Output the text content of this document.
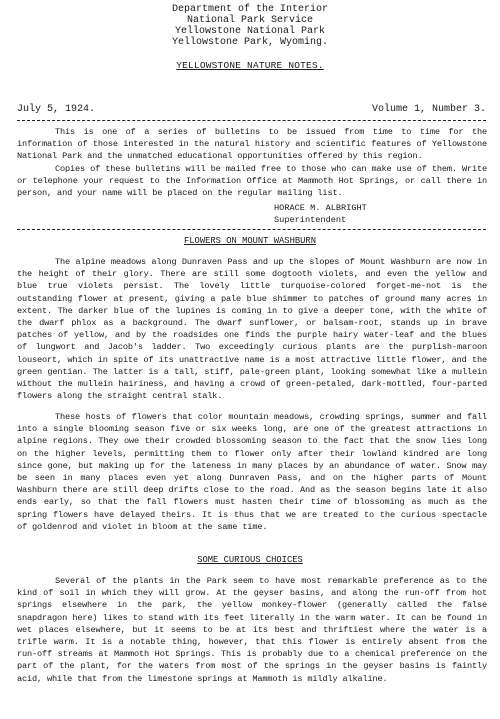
Department of the Interior
National Park Service
Yellowstone National Park
Yellowstone Park, Wyoming.
YELLOWSTONE NATURE NOTES.
July 5, 1924.	Volume 1, Number 3.

This is one of a series of bulletins to be issued from time to time for the information of those interested in the natural history and scientific features of Yellowstone National Park and the unmatched educational opportunities offered by this region.

Copies of these bulletins will be mailed free to those who can make use of them. Write or telephone your request to the Information Office at Mammoth Hot Springs, or call there in person, and your name will be placed on the regular mailing list.

HORACE M. ALBRIGHT
Superintendent
FLOWERS ON MOUNT WASHBURN

The alpine meadows along Dunraven Pass and up the slopes of Mount Washburn are now in the height of their glory. There are still some dogtooth violets, and even the yellow and blue true violets persist. The lovely little turquoise-colored forget-me-not is the outstanding flower at present, giving a pale blue shimmer to patches of ground many acres in extent. The darker blue of the lupines is coming in to give a deeper tone, with the white of the dwarf phlox as a background. The dwarf sunflower, or balsam-root, stands up in brave patches of yellow, and by the roadsides one finds the purple hairy water-leaf and the blues of lungwort and Jacob's ladder. Two exceedingly curious plants are the purplish-maroon louseort, which in spite of its unattractive name is a most attractive little flower, and the green gentian. The latter is a tall, stiff, pale-green plant, looking somewhat like a mullein without the mullein hairiness, and having a crowd of green-petaled, dark-mottled, four-parted flowers along the straight central stalk.

These hosts of flowers that color mountain meadows, crowding springs, summer and fall into a single blooming season five or six weeks long, are one of the greatest attractions in alpine regions. They owe their crowded blossoming season to the fact that the snow lies long on the higher levels, permitting them to flower only after their lowland kindred are long since gone, but making up for the lateness in many places by an abundance of water. Snow may be seen in many places even yet along Dunraven Pass, and on the higher parts of Mount Washburn there are still deep drifts close to the road. And as the season begins late it also ends early, so that the fall flowers must hasten their time of blossoming as much as the spring flowers have delayed theirs. It is thus that we are treated to the curious spectacle of goldenrod and violet in bloom at the same time.

SOME CURIOUS CHOICES

Several of the plants in the Park seem to have most remarkable preference as to the kind of soil in which they will grow. At the geyser basins, and along the run-off from hot springs elsewhere in the park, the yellow monkey-flower (generally called the false snapdragon here) likes to stand with its feet literally in the warm water. It can be found in wet places elsewhere, but it seems to be at its best and thriftiest where the water is a trifle warm. It is a notable thing, however, that this flower is entirely absent from the run-off streams at Mammoth Hot Springs. This is probably due to a chemical preference on the part of the plant, for the waters from most of the springs in the geyser basins is faintly acid, while that from the limestone springs at Mammoth is mildly alkaline.
